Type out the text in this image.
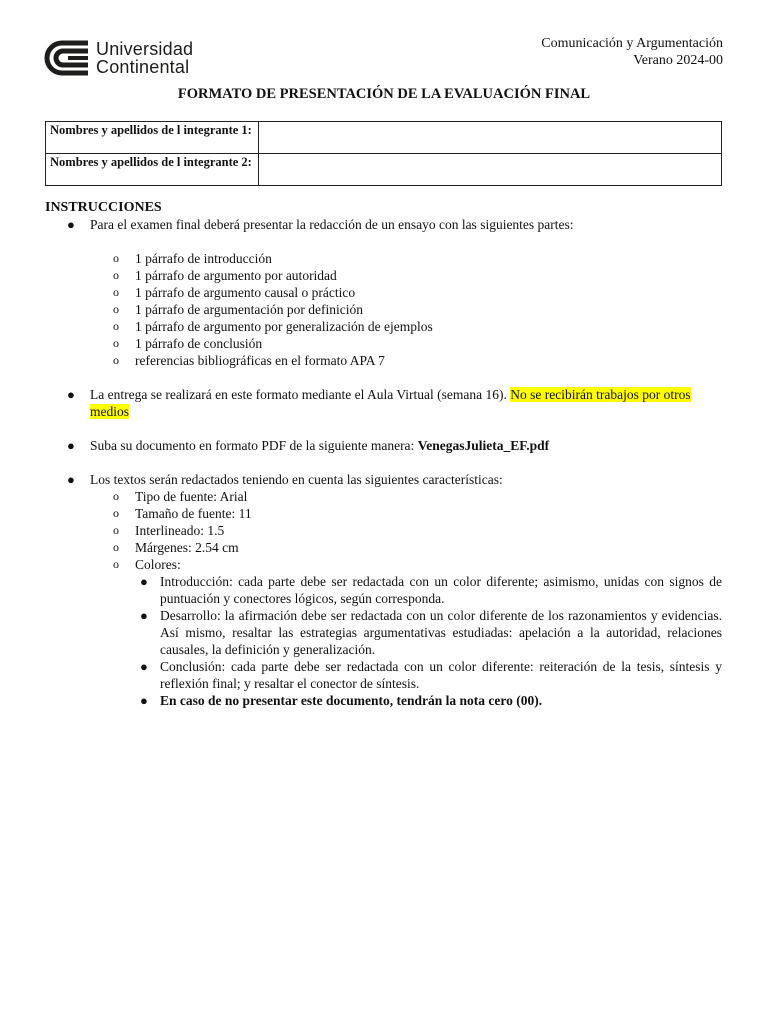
Universidad
Continental
Comunicación y Argumentación
Verano 2024-00
FORMATO DE PRESENTACIÓN DE LA EVALUACIÓN FINAL
Nombres y apellidos de l integrante 1:	
Nombres y apellidos de l integrante 2:	
INSTRUCCIONES
● Para el examen final deberá presentar la redacción de un ensayo con las siguientes partes:
o 1 párrafo de introducción
o 1 párrafo de argumento por autoridad
o 1 párrafo de argumento causal o práctico
o 1 párrafo de argumentación por definición
o 1 párrafo de argumento por generalización de ejemplos
o 1 párrafo de conclusión
o referencias bibliográficas en el formato APA 7
● La entrega se realizará en este formato mediante el Aula Virtual (semana 16). No se recibirán trabajos por otros
medios
● Suba su documento en formato PDF de la siguiente manera: VenegasJulieta_EF.pdf
● Los textos serán redactados teniendo en cuenta las siguientes características:
o Tipo de fuente: Arial
o Tamaño de fuente: 11
o Interlineado: 1.5
o Márgenes: 2.54 cm
o Colores:
● Introducción: cada parte debe ser redactada con un color diferente; asimismo, unidas con signos de puntuación y conectores lógicos, según corresponda.
● Desarrollo: la afirmación debe ser redactada con un color diferente de los razonamientos y evidencias. Así mismo, resaltar las estrategias argumentativas estudiadas: apelación a la autoridad, relaciones causales, la definición y generalización.
● Conclusión: cada parte debe ser redactada con un color diferente: reiteración de la tesis, síntesis y reflexión final; y resaltar el conector de síntesis.
● En caso de no presentar este documento, tendrán la nota cero (00).
